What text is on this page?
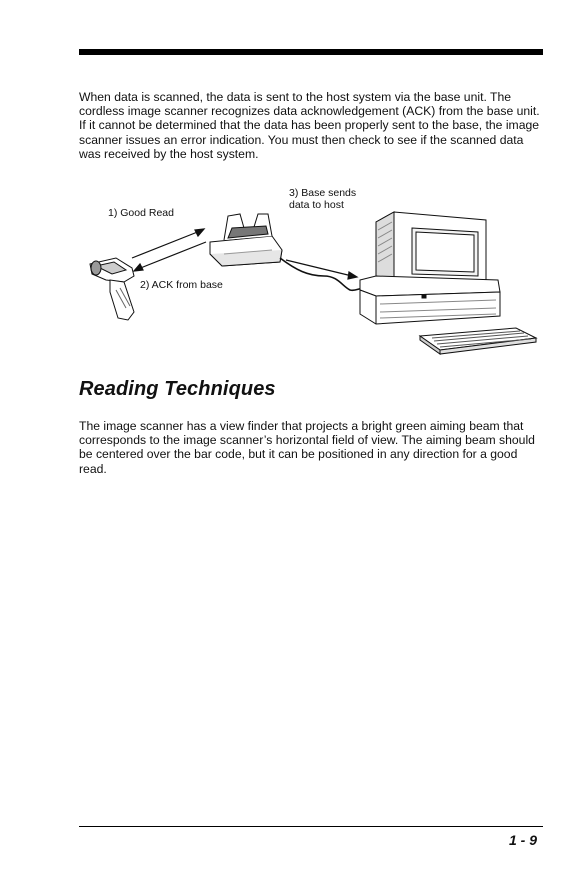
When data is scanned, the data is sent to the host system via the base unit. The cordless image scanner recognizes data acknowledgement (ACK) from the base unit. If it cannot be determined that the data has been properly sent to the base, the image scanner issues an error indication. You must then check to see if the scanned data was received by the host system.

1) Good Read
2) ACK from base
3) Base sends
data to host
Reading Techniques

The image scanner has a view finder that projects a bright green aiming beam that corresponds to the image scanner’s horizontal field of view. The aiming beam should be centered over the bar code, but it can be positioned in any direction for a good read.

1 - 9
